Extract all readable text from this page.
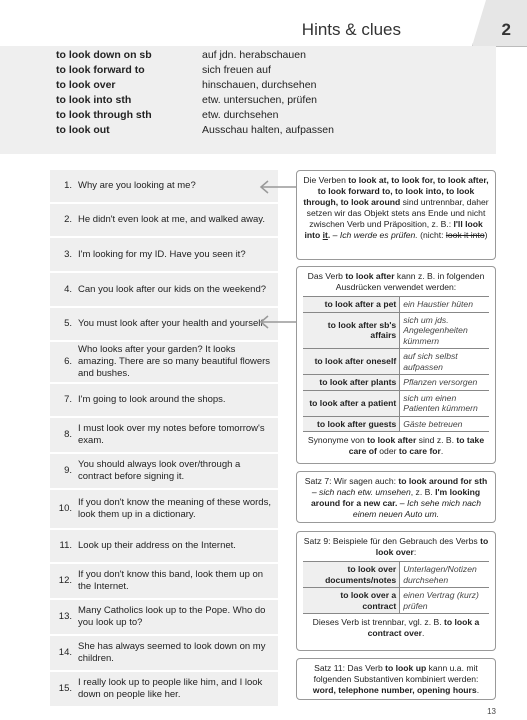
Hints & clues	2
to look down on sb	auf jdn. herabschauen
to look forward to	sich freuen auf
to look over	hinschauen, durchsehen
to look into sth	etw. untersuchen, prüfen
to look through sth	etw. durchsehen
to look out	Ausschau halten, aufpassen
1. Why are you looking at me?
2. He didn't even look at me, and walked away.
3. I'm looking for my ID. Have you seen it?
4. Can you look after our kids on the weekend?
5. You must look after your health and yourself.
6.
Who looks after your garden? It looks amazing. There are so many beautiful flowers and bushes.
7. I'm going to look around the shops.
8.
I must look over my notes before tomorrow's exam.
9.
You should always look over/through a contract before signing it.
10.
If you don't know the meaning of these words, look them up in a dictionary.
11. Look up their address on the Internet.
12.
If you don't know this band, look them up on the Internet.
13.
Many Catholics look up to the Pope. Who do you look up to?
14.
She has always seemed to look down on my children.
15.
I really look up to people like him, and I look down on people like her.
Die Verben to look at, to look for, to look after, to look forward to, to look into, to look through, to look around sind untrennbar, daher setzen wir das Objekt stets ans Ende und nicht zwischen Verb und Präposition, z. B.: I'll look into it. – Ich werde es prüfen. (nicht: look it into)
Das Verb to look after kann z. B. in folgenden Ausdrücken verwendet werden:
to look after a pet	ein Haustier hüten
to look after sb's affairs	sich um jds. Angelegenheiten kümmern
to look after oneself	auf sich selbst aufpassen
to look after plants	Pflanzen versorgen
to look after a patient	sich um einen Patienten kümmern
to look after guests	Gäste betreuen
Synonyme von to look after sind z. B. to take care of oder to care for.
Satz 7: Wir sagen auch: to look around for sth – sich nach etw. umsehen, z. B. I'm looking around for a new car. – Ich sehe mich nach einem neuen Auto um.
Satz 9: Beispiele für den Gebrauch des Verbs to look over:
to look over documents/notes	Unterlagen/Notizen durchsehen
to look over a contract	einen Vertrag (kurz) prüfen
Dieses Verb ist trennbar, vgl. z. B. to look a contract over.
Satz 11: Das Verb to look up kann u.a. mit folgenden Substantiven kombiniert werden: word, telephone number, opening hours.
13
